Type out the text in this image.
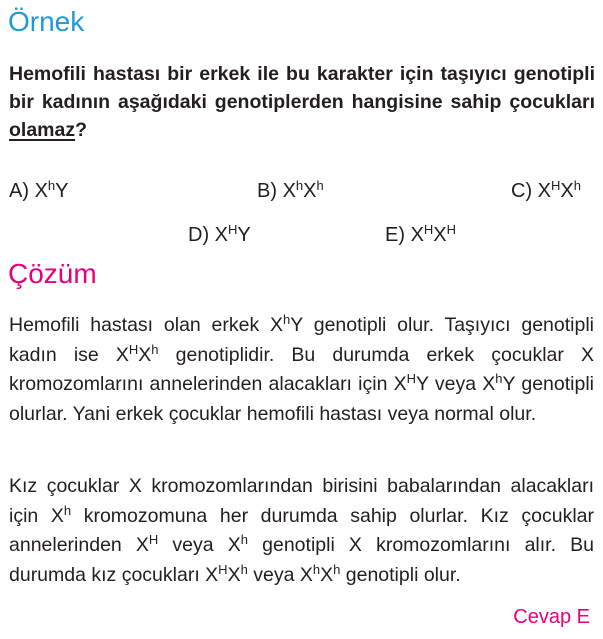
Örnek

Hemofili hastası bir erkek ile bu karakter için taşıyıcı genotipli bir kadının aşağıdaki genotiplerden hangisine sahip çocukları olamaz?

A) $X^hY$	B) $X^hX^h$	C) $X^HX^h$
D) $X^HY$	E) $X^HX^H$
Çözüm

Hemofili hastası olan erkek $X^hY$ genotipli olur. Taşıyıcı genotipli kadın ise $X^HX^h$ genotiplidir. Bu durumda erkek çocuklar X kromozomlarını annelerinden alacakları için $X^HY$ veya $X^hY$ genotipli olurlar. Yani erkek çocuklar hemofili hastası veya normal olur.

Kız çocuklar X kromozomlarından birisini babalarından alacakları için $X^h$ kromozomuna her durumda sahip olurlar. Kız çocuklar annelerinden $X^H$ veya $X^h$ genotipli X kromozomlarını alır. Bu durumda kız çocukları $X^HX^h$ veya $X^hX^h$ genotipli olur.

Cevap E
